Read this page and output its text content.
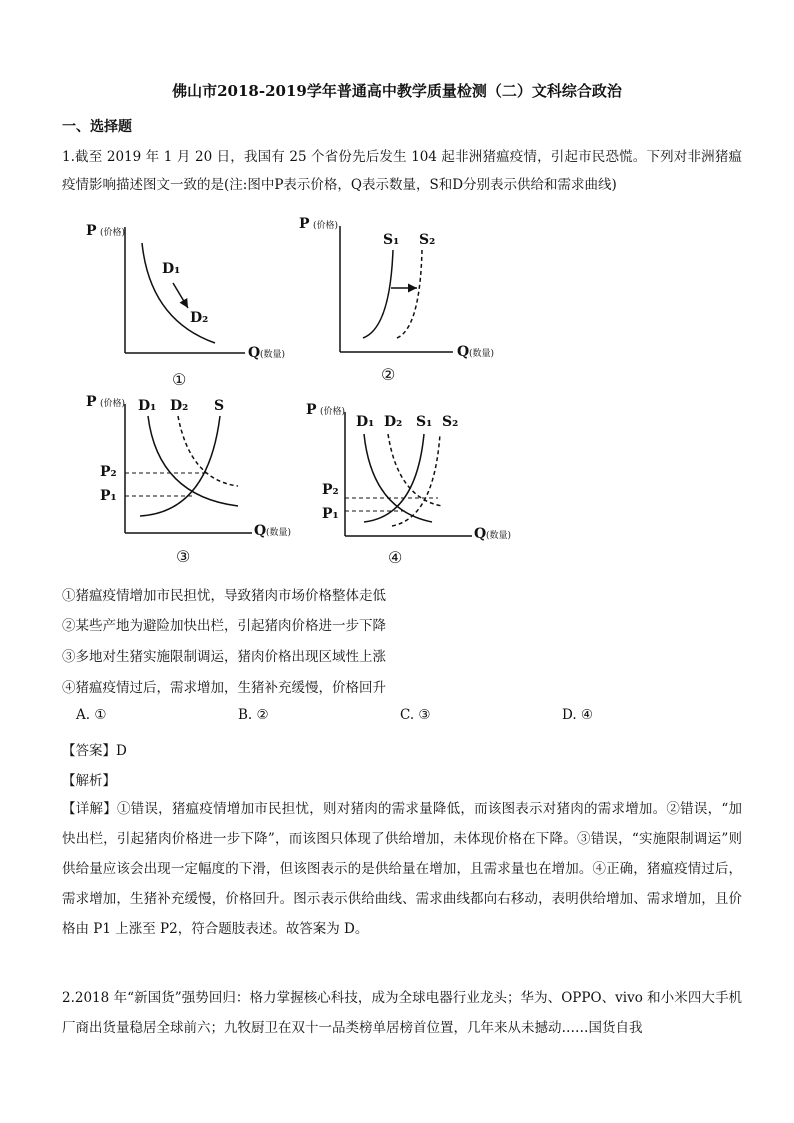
佛山市2018-2019学年普通高中教学质量检测（二）文科综合政治
一、选择题
1.截至 2019 年 1 月 20 日，我国有 25 个省份先后发生 104 起非洲猪瘟疫情，引起市民恐慌。下列对非洲猪瘟疫情影响描述图文一致的是(注:图中P表示价格，Q表示数量，S和D分别表示供给和需求曲线)
P (价格)
Q (数量)
D₁
D₂
①
P (价格)
Q (数量)
S₁ S₂
②
P (价格)
Q (数量)
D₁ D₂ S
P₂
P₁
③
P (价格)
Q (数量)
D₁ D₂ S₁ S₂
P₂
P₁
④
①猪瘟疫情增加市民担忧，导致猪肉市场价格整体走低
②某些产地为避险加快出栏，引起猪肉价格进一步下降
③多地对生猪实施限制调运，猪肉价格出现区域性上涨
④猪瘟疫情过后，需求增加，生猪补充缓慢，价格回升
A. ①	B. ②	C. ③	D. ④
【答案】D
【解析】
【详解】①错误，猪瘟疫情增加市民担忧，则对猪肉的需求量降低，而该图表示对猪肉的需求增加。②错误，“加快出栏，引起猪肉价格进一步下降”，而该图只体现了供给增加，未体现价格在下降。③错误，“实施限制调运”则供给量应该会出现一定幅度的下滑，但该图表示的是供给量在增加，且需求量也在增加。④正确，猪瘟疫情过后，需求增加，生猪补充缓慢，价格回升。图示表示供给曲线、需求曲线都向右移动，表明供给增加、需求增加，且价格由 P1 上涨至 P2，符合题肢表述。故答案为 D。
2.2018 年“新国货”强势回归：格力掌握核心科技，成为全球电器行业龙头；华为、OPPO、vivo 和小米四大手机厂商出货量稳居全球前六；九牧厨卫在双十一品类榜单居榜首位置，几年来从未撼动……国货自我
